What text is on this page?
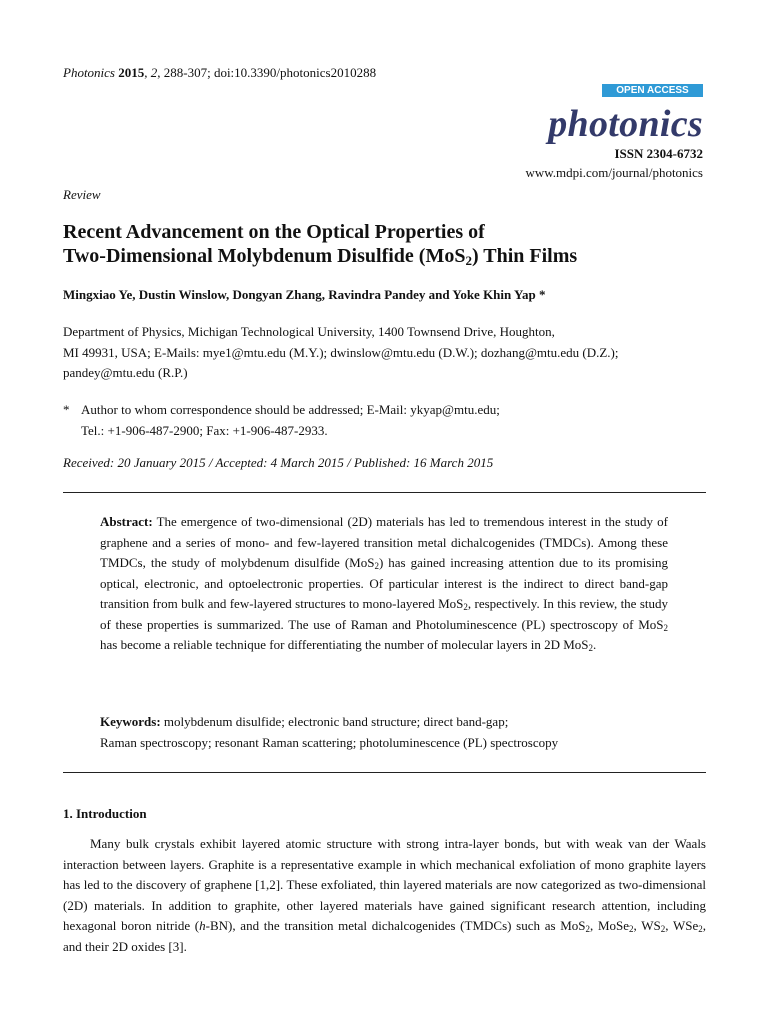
Photonics 2015, 2, 288-307; doi:10.3390/photonics2010288
OPEN ACCESS
photonics
ISSN 2304-6732
www.mdpi.com/journal/photonics
Review
Recent Advancement on the Optical Properties of
Two-Dimensional Molybdenum Disulfide (MoS$_2$) Thin Films
Mingxiao Ye, Dustin Winslow, Dongyan Zhang, Ravindra Pandey and Yoke Khin Yap *
Department of Physics, Michigan Technological University, 1400 Townsend Drive, Houghton,
MI 49931, USA; E-Mails: mye1@mtu.edu (M.Y.); dwinslow@mtu.edu (D.W.); dozhang@mtu.edu (D.Z.);
pandey@mtu.edu (R.P.)
* Author to whom correspondence should be addressed; E-Mail: ykyap@mtu.edu;
Tel.: +1-906-487-2900; Fax: +1-906-487-2933.
Received: 20 January 2015 / Accepted: 4 March 2015 / Published: 16 March 2015
Abstract: The emergence of two-dimensional (2D) materials has led to tremendous interest in the study of graphene and a series of mono- and few-layered transition metal dichalcogenides (TMDCs). Among these TMDCs, the study of molybdenum disulfide (MoS$_2$) has gained increasing attention due to its promising optical, electronic, and optoelectronic properties. Of particular interest is the indirect to direct band-gap transition from bulk and few-layered structures to mono-layered MoS$_2$, respectively. In this review, the study of these properties is summarized. The use of Raman and Photoluminescence (PL) spectroscopy of MoS$_2$ has become a reliable technique for differentiating the number of molecular layers in 2D MoS$_2$.
Keywords: molybdenum disulfide; electronic band structure; direct band-gap;
Raman spectroscopy; resonant Raman scattering; photoluminescence (PL) spectroscopy
1. Introduction

Many bulk crystals exhibit layered atomic structure with strong intra-layer bonds, but with weak van der Waals interaction between layers. Graphite is a representative example in which mechanical exfoliation of mono graphite layers has led to the discovery of graphene [1,2]. These exfoliated, thin layered materials are now categorized as two-dimensional (2D) materials. In addition to graphite, other layered materials have gained significant research attention, including hexagonal boron nitride (h-BN), and the transition metal dichalcogenides (TMDCs) such as MoS$_2$, MoSe$_2$, $WS_2$, WSe$_2$, and their 2D oxides [3].
